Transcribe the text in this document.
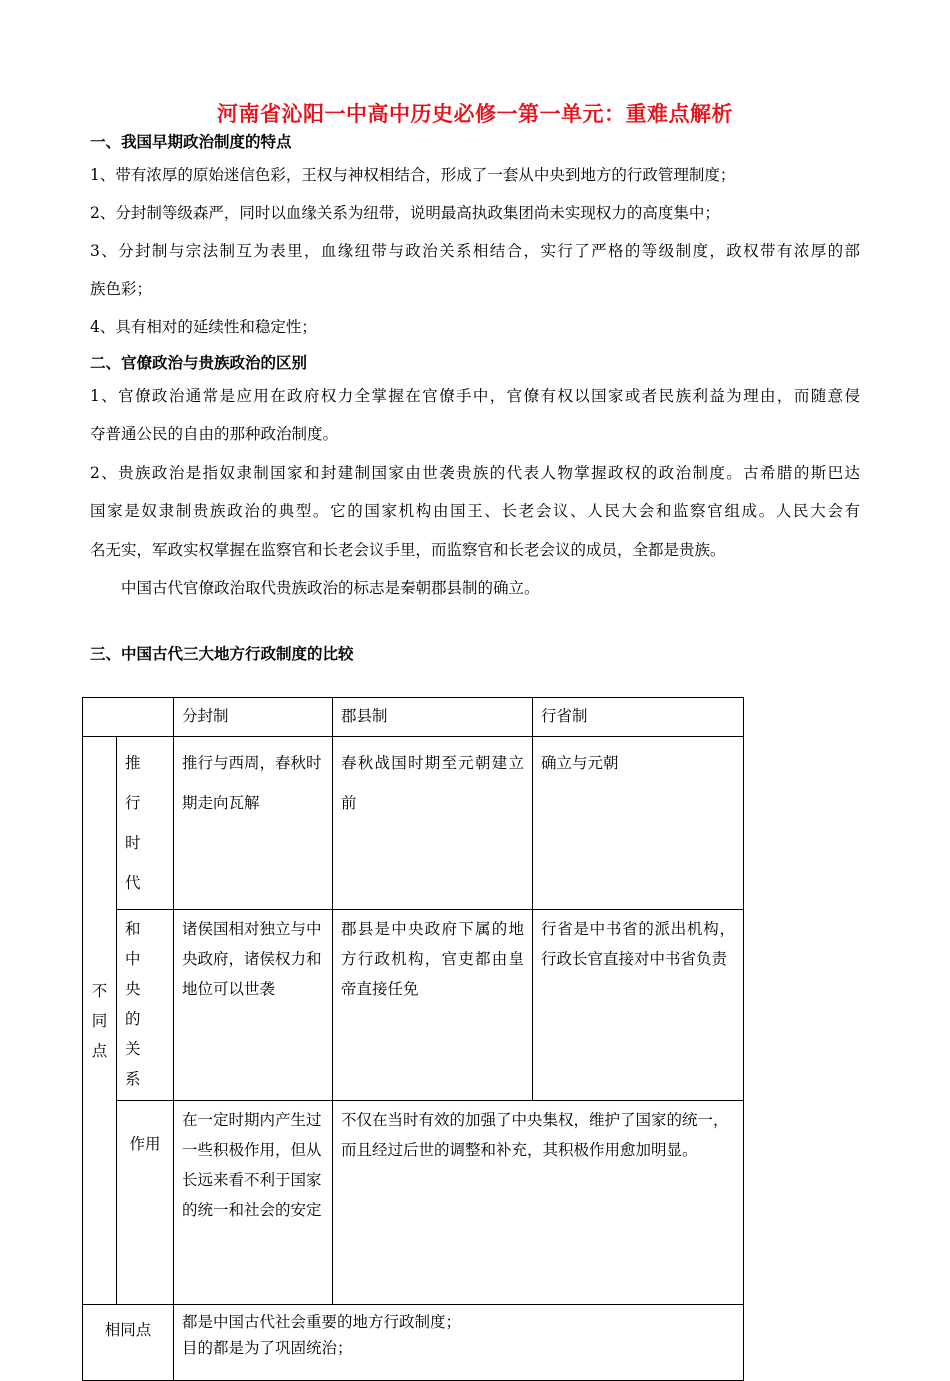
河南省沁阳一中高中历史必修一第一单元：重难点解析
一、我国早期政治制度的特点
1、带有浓厚的原始迷信色彩，王权与神权相结合，形成了一套从中央到地方的行政管理制度；
2、分封制等级森严，同时以血缘关系为纽带，说明最高执政集团尚未实现权力的高度集中；
3、分封制与宗法制互为表里，血缘纽带与政治关系相结合，实行了严格的等级制度，政权带有浓厚的部
族色彩；
4、具有相对的延续性和稳定性；
二、官僚政治与贵族政治的区别
1、官僚政治通常是应用在政府权力全掌握在官僚手中，官僚有权以国家或者民族利益为理由，而随意侵
夺普通公民的自由的那种政治制度。
2、贵族政治是指奴隶制国家和封建制国家由世袭贵族的代表人物掌握政权的政治制度。古希腊的斯巴达
国家是奴隶制贵族政治的典型。它的国家机构由国王、长老会议、人民大会和监察官组成。人民大会有
名无实，军政实权掌握在监察官和长老会议手里，而监察官和长老会议的成员，全都是贵族。
中国古代官僚政治取代贵族政治的标志是秦朝郡县制的确立。
三、中国古代三大地方行政制度的比较
		分封制	郡县制	行省制
不同点	推行时代	推行与西周，春秋时期走向瓦解	春秋战国时期至元朝建立前	确立与元朝

	和中央的关系	诸侯国相对独立与中央政府，诸侯权力和地位可以世袭	郡县是中央政府下属的地方行政机构，官吏都由皇帝直接任免	行省是中书省的派出机构，行政长官直接对中书省负责
	作用	在一定时期内产生过一些积极作用，但从长远来看不利于国家的统一和社会的安定	不仅在当时有效的加强了中央集权，维护了国家的统一，而且经过后世的调整和补充，其积极作用愈加明显。	
相同点		都是中国古代社会重要的地方行政制度；
目的都是为了巩固统治；		
